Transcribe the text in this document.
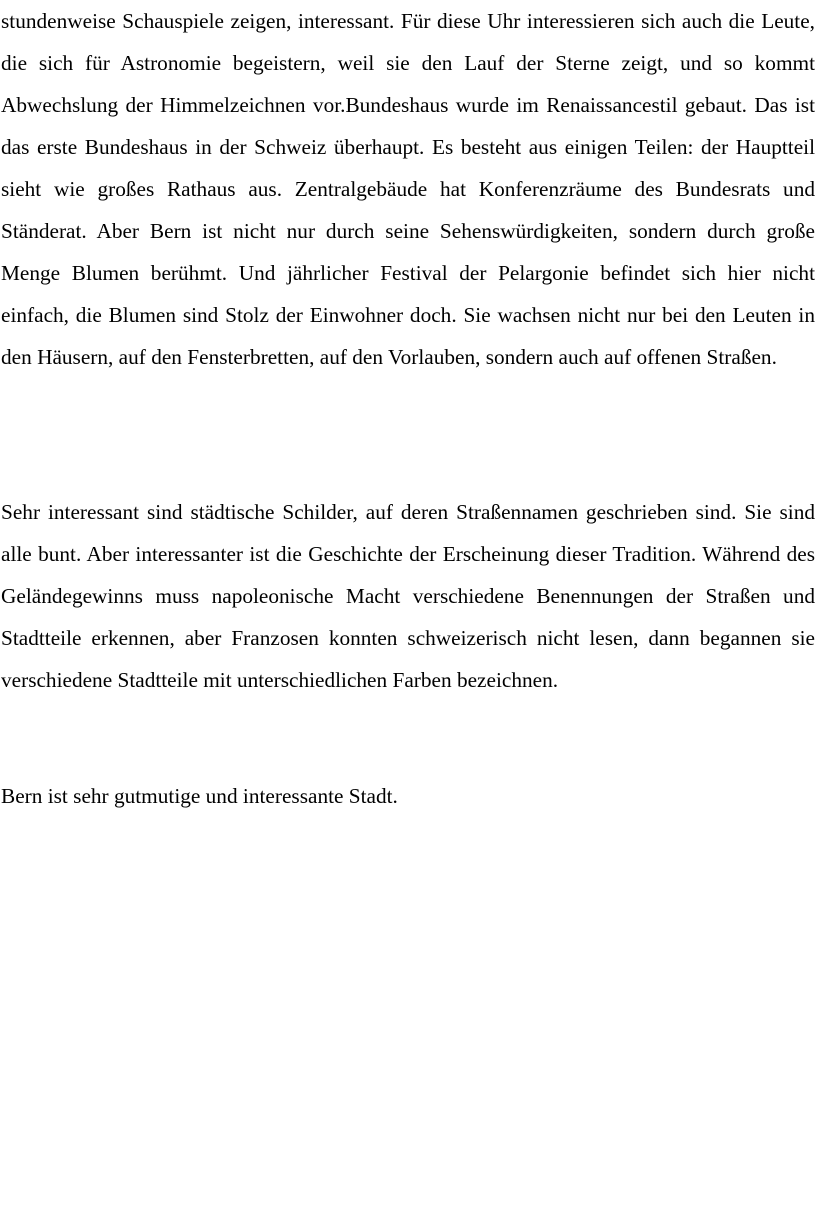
stundenweise Schauspiele zeigen, interessant. Für diese Uhr interessieren sich auch die Leute, die sich für Astronomie begeistern, weil sie den Lauf der Sterne zeigt, und so kommt Abwechslung der Himmelzeichnen vor.Bundeshaus wurde im Renaissancestil gebaut. Das ist das erste Bundeshaus in der Schweiz überhaupt. Es besteht aus einigen Teilen: der Hauptteil sieht wie großes Rathaus aus. Zentralgebäude hat Konferenzräume des Bundesrats und Ständerat. Aber Bern ist nicht nur durch seine Sehenswürdigkeiten, sondern durch große Menge Blumen berühmt. Und jährlicher Festival der Pelargonie befindet sich hier nicht einfach, die Blumen sind Stolz der Einwohner doch. Sie wachsen nicht nur bei den Leuten in den Häusern, auf den Fensterbretten, auf den Vorlauben, sondern auch auf offenen Straßen.

Sehr interessant sind städtische Schilder, auf deren Straßennamen geschrieben sind. Sie sind alle bunt. Aber interessanter ist die Geschichte der Erscheinung dieser Tradition. Während des Geländegewinns muss napoleonische Macht verschiedene Benennungen der Straßen und Stadtteile erkennen, aber Franzosen konnten schweizerisch nicht lesen, dann begannen sie verschiedene Stadtteile mit unterschiedlichen Farben bezeichnen.

Bern ist sehr gutmutige und interessante Stadt.
